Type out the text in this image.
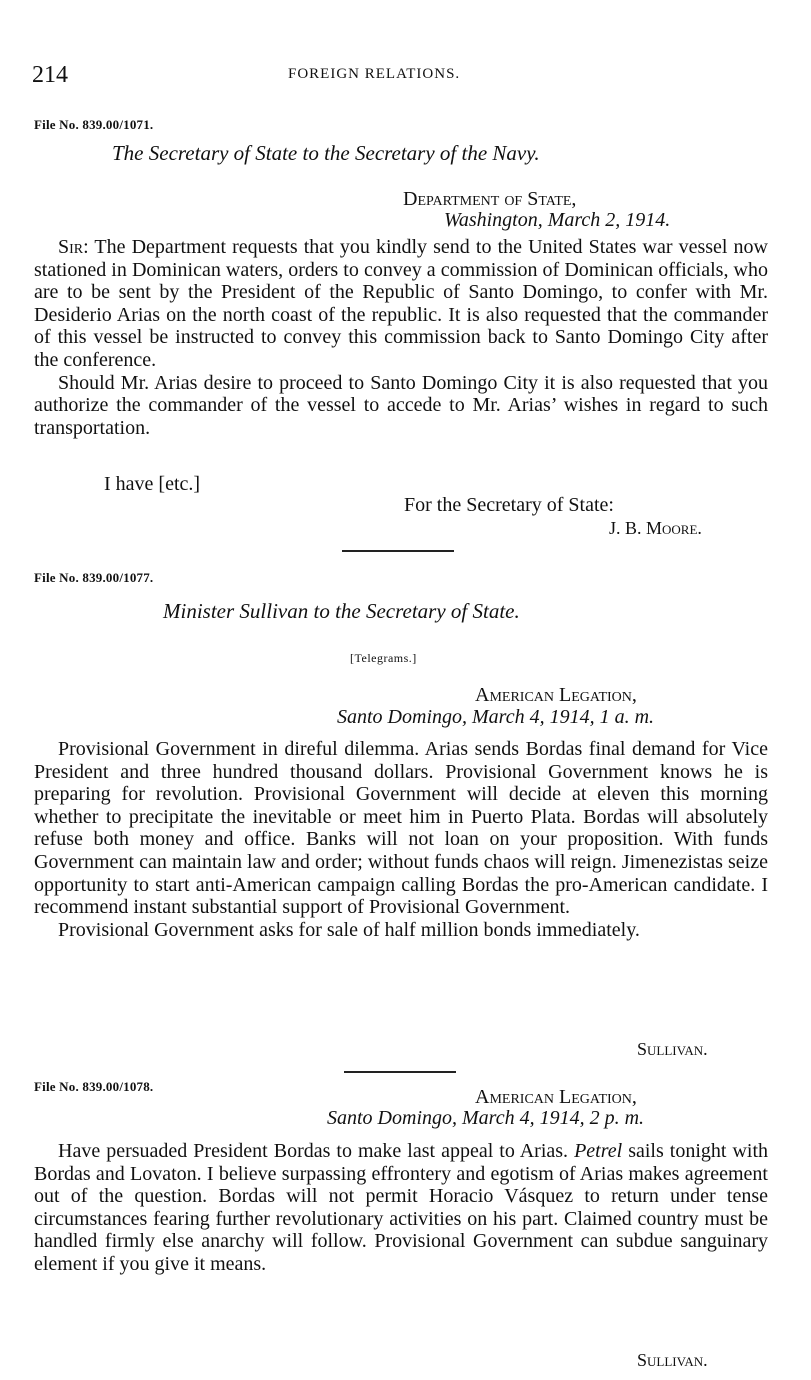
214	FOREIGN RELATIONS.
File No. 839.00/1071.
The Secretary of State to the Secretary of the Navy.
Department of State,
Washington, March 2, 1914.

Sir: The Department requests that you kindly send to the United States war vessel now stationed in Dominican waters, orders to convey a commission of Dominican officials, who are to be sent by the President of the Republic of Santo Domingo, to confer with Mr. Desiderio Arias on the north coast of the republic. It is also requested that the commander of this vessel be instructed to convey this commission back to Santo Domingo City after the conference.

Should Mr. Arias desire to proceed to Santo Domingo City it is also requested that you authorize the commander of the vessel to accede to Mr. Arias’ wishes in regard to such transportation.

I have [etc.]
For the Secretary of State:
J. B. Moore.
File No. 839.00/1077.
Minister Sullivan to the Secretary of State.
[Telegrams.]
American Legation,
Santo Domingo, March 4, 1914, 1 a. m.

Provisional Government in direful dilemma. Arias sends Bordas final demand for Vice President and three hundred thousand dollars. Provisional Government knows he is preparing for revolution. Provisional Government will decide at eleven this morning whether to precipitate the inevitable or meet him in Puerto Plata. Bordas will absolutely refuse both money and office. Banks will not loan on your proposition. With funds Government can maintain law and order; without funds chaos will reign. Jimenezistas seize opportunity to start anti-American campaign calling Bordas the pro-American candidate. I recommend instant substantial support of Provisional Government.

Provisional Government asks for sale of half million bonds immediately.

Sullivan.
File No. 839.00/1078.	American Legation,
Santo Domingo, March 4, 1914, 2 p. m.

Have persuaded President Bordas to make last appeal to Arias. Petrel sails tonight with Bordas and Lovaton. I believe surpassing effrontery and egotism of Arias makes agreement out of the question. Bordas will not permit Horacio Vásquez to return under tense circumstances fearing further revolutionary activities on his part. Claimed country must be handled firmly else anarchy will follow. Provisional Government can subdue sanguinary element if you give it means.

Sullivan.
